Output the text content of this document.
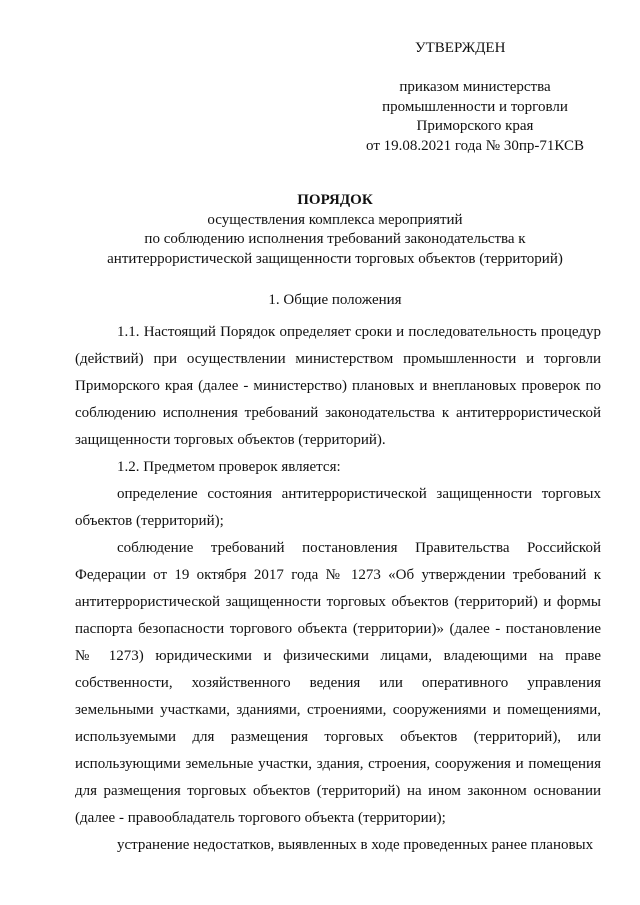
УТВЕРЖДЕН
приказом министерства
промышленности и торговли
Приморского края
от 19.08.2021 года № 30пр-71КСВ
ПОРЯДОК
осуществления комплекса мероприятий
по соблюдению исполнения требований законодательства к
антитеррористической защищенности торговых объектов (территорий)
1. Общие положения

1.1. Настоящий Порядок определяет сроки и последовательность процедур (действий) при осуществлении министерством промышленности и торговли Приморского края (далее - министерство) плановых и внеплановых проверок по соблюдению исполнения требований законодательства к антитеррористической защищенности торговых объектов (территорий).

1.2. Предметом проверок является:

определение состояния антитеррористической защищенности торговых объектов (территорий);

соблюдение требований постановления Правительства Российской Федерации от 19 октября 2017 года № 1273 «Об утверждении требований к антитеррористической защищенности торговых объектов (территорий) и формы паспорта безопасности торгового объекта (территории)» (далее - постановление № 1273) юридическими и физическими лицами, владеющими на праве собственности, хозяйственного ведения или оперативного управления земельными участками, зданиями, строениями, сооружениями и помещениями, используемыми для размещения торговых объектов (территорий), или использующими земельные участки, здания, строения, сооружения и помещения для размещения торговых объектов (территорий) на ином законном основании (далее - правообладатель торгового объекта (территории);

устранение недостатков, выявленных в ходе проведенных ранее плановых
